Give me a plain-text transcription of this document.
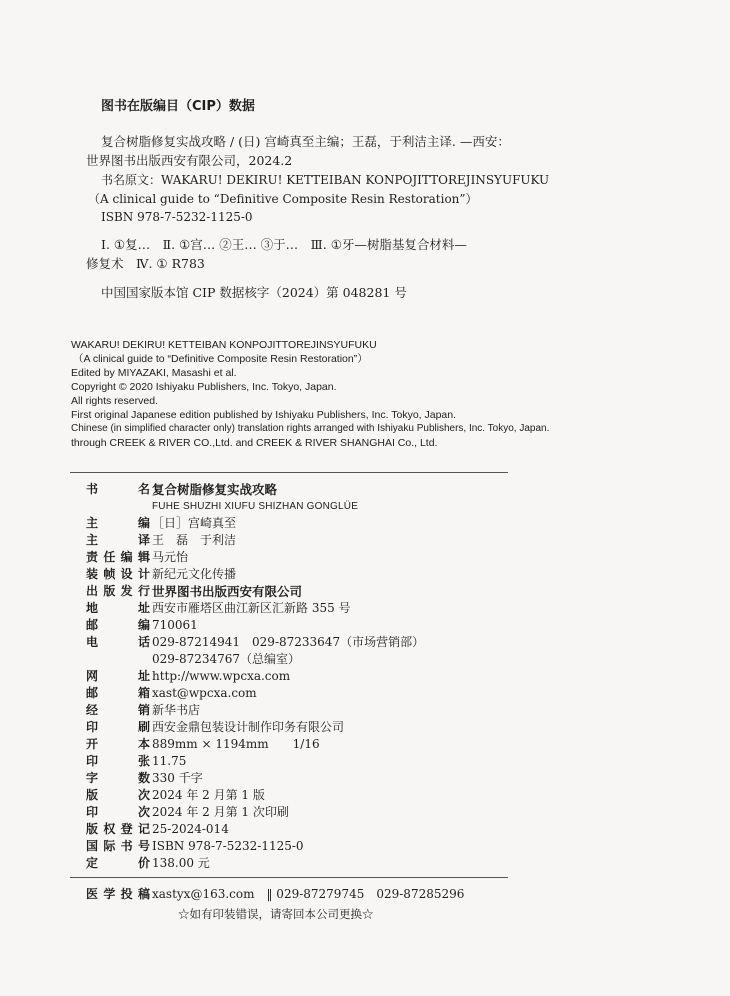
图书在版编目（CIP）数据
复合树脂修复实战攻略 / (日) 宫崎真至主编；王磊，于利洁主译. —西安：
世界图书出版西安有限公司，2024.2
书名原文：WAKARU! DEKIRU! KETTEIBAN KONPOJITTOREJINSYUFUKU
（A clinical guide to “Definitive Composite Resin Restoration”）
ISBN 978-7-5232-1125-0
Ⅰ. ①复…　Ⅱ. ①宫… ②王… ③于…　Ⅲ. ①牙—树脂基复合材料—
修复术　Ⅳ. ① R783
中国国家版本馆 CIP 数据核字（2024）第 048281 号
WAKARU! DEKIRU! KETTEIBAN KONPOJITTOREJINSYUFUKU
（A clinical guide to “Definitive Composite Resin Restoration”）
Edited by MIYAZAKI, Masashi et al.
Copyright © 2020 Ishiyaku Publishers, Inc. Tokyo, Japan.
All rights reserved.
First original Japanese edition published by Ishiyaku Publishers, Inc. Tokyo, Japan.
Chinese (in simplified character only) translation rights arranged with Ishiyaku Publishers, Inc. Tokyo, Japan.
through CREEK & RIVER CO.,Ltd. and CREEK & RIVER SHANGHAI Co., Ltd.
书名 复合树脂修复实战攻略
FUHE SHUZHI XIUFU SHIZHAN GONGLÜE
主编 ［日］宫崎真至
主译 王　磊　于利洁
责任编辑 马元怡
装帧设计 新纪元文化传播
出版发行 世界图书出版西安有限公司
地址 西安市雁塔区曲江新区汇新路 355 号
邮编 710061
电话 029-87214941　029-87233647（市场营销部）
029-87234767（总编室）
网址 http://www.wpcxa.com
邮箱 xast@wpcxa.com
经销 新华书店
印刷 西安金鼎包装设计制作印务有限公司
开本 889mm × 1194mm　　1/16
印张 11.75
字数 330 千字
版次 2024 年 2 月第 1 版
印次 2024 年 2 月第 1 次印刷
版权登记 25-2024-014
国际书号 ISBN 978-7-5232-1125-0
定价 138.00 元
医学投稿 xastyx@163.com　‖ 029-87279745　029-87285296
☆如有印装错误，请寄回本公司更换☆
